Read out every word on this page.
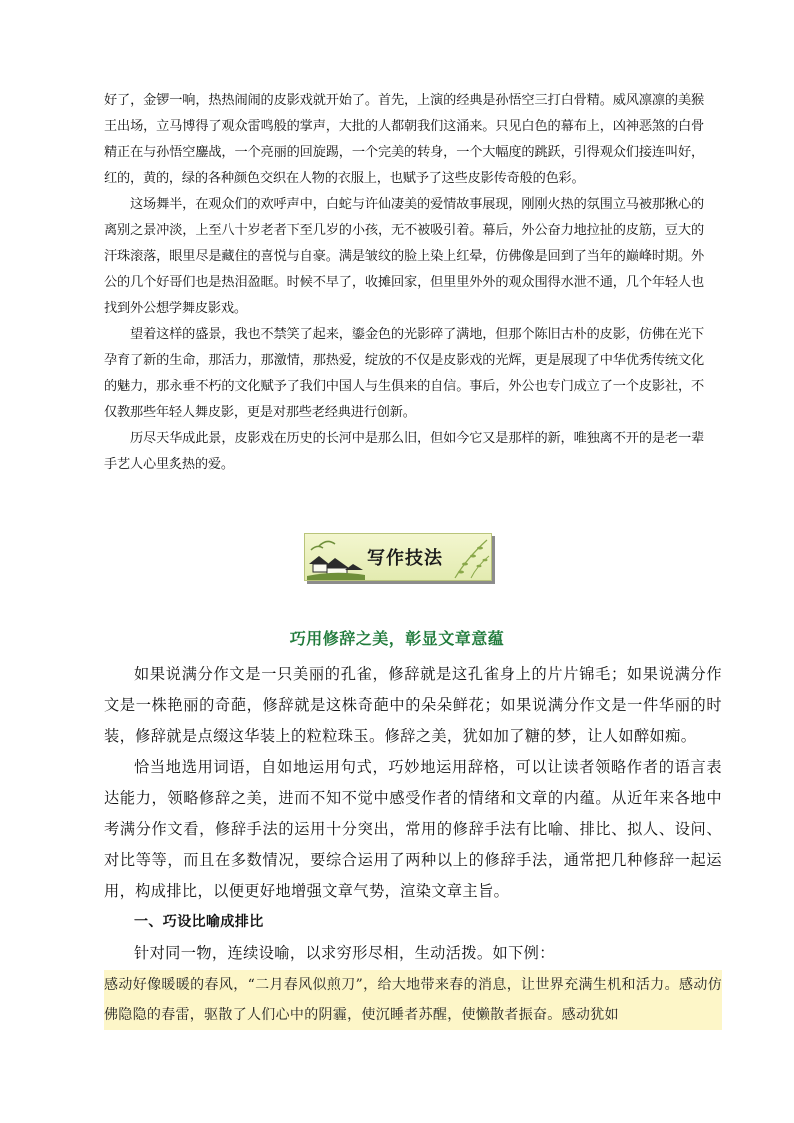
好了，金锣一响，热热闹闹的皮影戏就开始了。首先，上演的经典是孙悟空三打白骨精。威风凛凛的美猴王出场，立马博得了观众雷鸣般的掌声，大批的人都朝我们这涌来。只见白色的幕布上，凶神恶煞的白骨精正在与孙悟空鏖战，一个亮丽的回旋踢，一个完美的转身，一个大幅度的跳跃，引得观众们接连叫好，红的，黄的，绿的各种颜色交织在人物的衣服上，也赋予了这些皮影传奇般的色彩。

这场舞半，在观众们的欢呼声中，白蛇与许仙凄美的爱情故事展现，刚刚火热的氛围立马被那揪心的离别之景冲淡，上至八十岁老者下至几岁的小孩，无不被吸引着。幕后，外公奋力地拉扯的皮筋，豆大的汗珠滚落，眼里尽是藏住的喜悦与自豪。满是皱纹的脸上染上红晕，仿佛像是回到了当年的巅峰时期。外公的几个好哥们也是热泪盈眶。时候不早了，收摊回家，但里里外外的观众围得水泄不通，几个年轻人也找到外公想学舞皮影戏。

望着这样的盛景，我也不禁笑了起来，鎏金色的光影碎了满地，但那个陈旧古朴的皮影，仿佛在光下孕育了新的生命，那活力，那激情，那热爱，绽放的不仅是皮影戏的光辉，更是展现了中华优秀传统文化的魅力，那永垂不朽的文化赋予了我们中国人与生俱来的自信。事后，外公也专门成立了一个皮影社，不仅教那些年轻人舞皮影，更是对那些老经典进行创新。

历尽天华成此景，皮影戏在历史的长河中是那么旧，但如今它又是那样的新，唯独离不开的是老一辈手艺人心里炙热的爱。

写作技法
巧用修辞之美，彰显文章意蕴

如果说满分作文是一只美丽的孔雀，修辞就是这孔雀身上的片片锦毛；如果说满分作文是一株艳丽的奇葩，修辞就是这株奇葩中的朵朵鲜花；如果说满分作文是一件华丽的时装，修辞就是点缀这华装上的粒粒珠玉。修辞之美，犹如加了糖的梦，让人如醉如痴。

恰当地选用词语，自如地运用句式，巧妙地运用辞格，可以让读者领略作者的语言表达能力，领略修辞之美，进而不知不觉中感受作者的情绪和文章的内蕴。从近年来各地中考满分作文看，修辞手法的运用十分突出，常用的修辞手法有比喻、排比、拟人、设问、对比等等，而且在多数情况，要综合运用了两种以上的修辞手法，通常把几种修辞一起运用，构成排比，以便更好地增强文章气势，渲染文章主旨。

一、巧设比喻成排比

针对同一物，连续设喻，以求穷形尽相，生动活拨。如下例：

感动好像暖暖的春风，“二月春风似煎刀”，给大地带来春的消息，让世界充满生机和活力。感动仿佛隐隐的春雷，驱散了人们心中的阴霾，使沉睡者苏醒，使懒散者振奋。感动犹如
